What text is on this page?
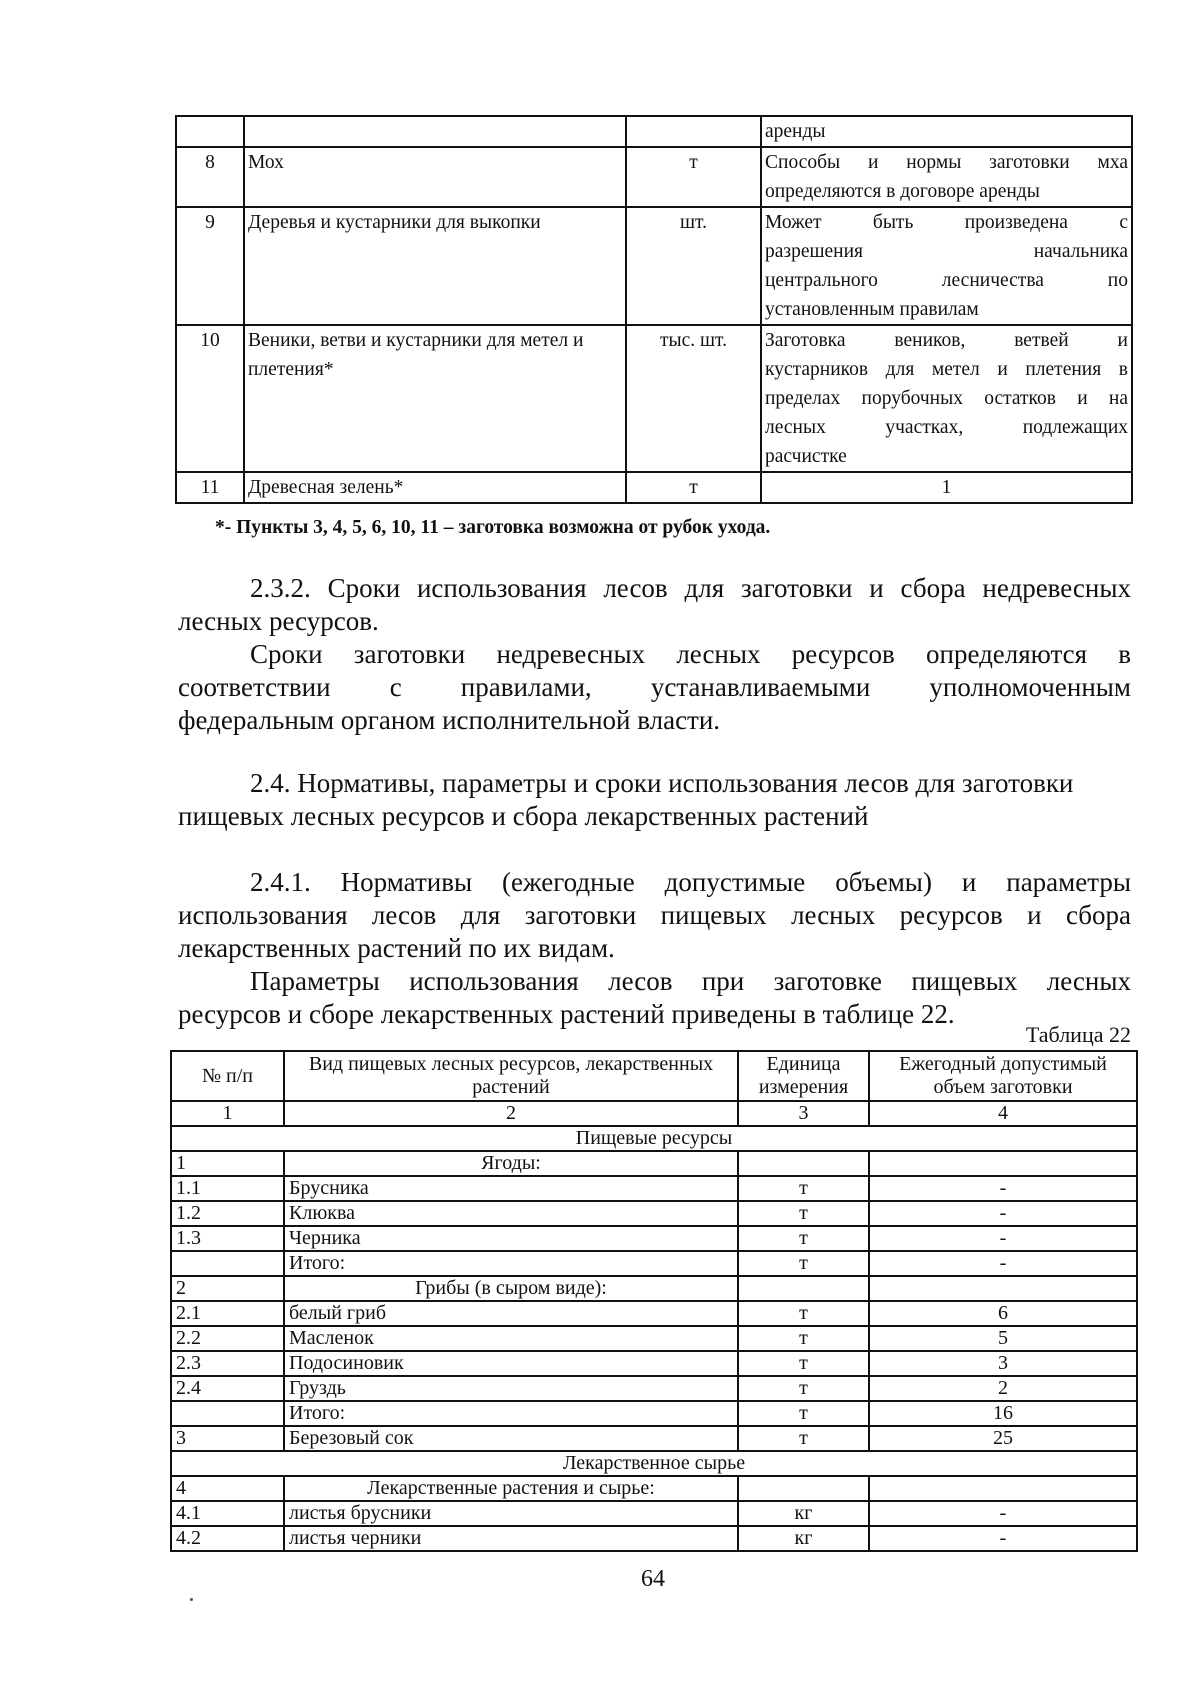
			аренды

8	Мох	т	Способы и нормы заготовки мха
определяются в договоре аренды

9	Деревья и кустарники для выкопки	шт.	Может быть произведена с
разрешения начальника
центрального лесничества по
установленным правилам

10	Веники, ветви и кустарники для метел и плетения*	тыс. шт.	Заготовка веников, ветвей и
кустарников для метел и плетения в
пределах порубочных остатков и на
лесных участках, подлежащих
расчистке

11	Древесная зелень*	т	1
*- Пункты 3, 4, 5, 6, 10, 11 – заготовка возможна от рубок ухода.
2.3.2. Сроки использования лесов для заготовки и сбора недревесных
лесных ресурсов.
Сроки заготовки недревесных лесных ресурсов определяются в
соответствии с правилами, устанавливаемыми уполномоченным
федеральным органом исполнительной власти.
2.4. Нормативы, параметры и сроки использования лесов для заготовки
пищевых лесных ресурсов и сбора лекарственных растений
2.4.1. Нормативы (ежегодные допустимые объемы) и параметры
использования лесов для заготовки пищевых лесных ресурсов и сбора
лекарственных растений по их видам.
Параметры использования лесов при заготовке пищевых лесных
ресурсов и сборе лекарственных растений приведены в таблице 22.
Таблица 22
№ п/п	Вид пищевых лесных ресурсов, лекарственных растений	Единица измерения	Ежегодный допустимый объем заготовки
1	2	3	4
Пищевые ресурсы			
1	Ягоды:		
1.1	Брусника	т	-
1.2	Клюква	т	-
1.3	Черника	т	-
	Итого:	т	-
2	Грибы (в сыром виде):		
2.1	белый гриб	т	6
2.2	Масленок	т	5
2.3	Подосиновик	т	3
2.4	Груздь	т	2
	Итого:	т	16
3	Березовый сок	т	25
Лекарственное сырье			
4	Лекарственные растения и сырье:		
4.1	листья брусники	кг	-
4.2	листья черники	кг	-
64
